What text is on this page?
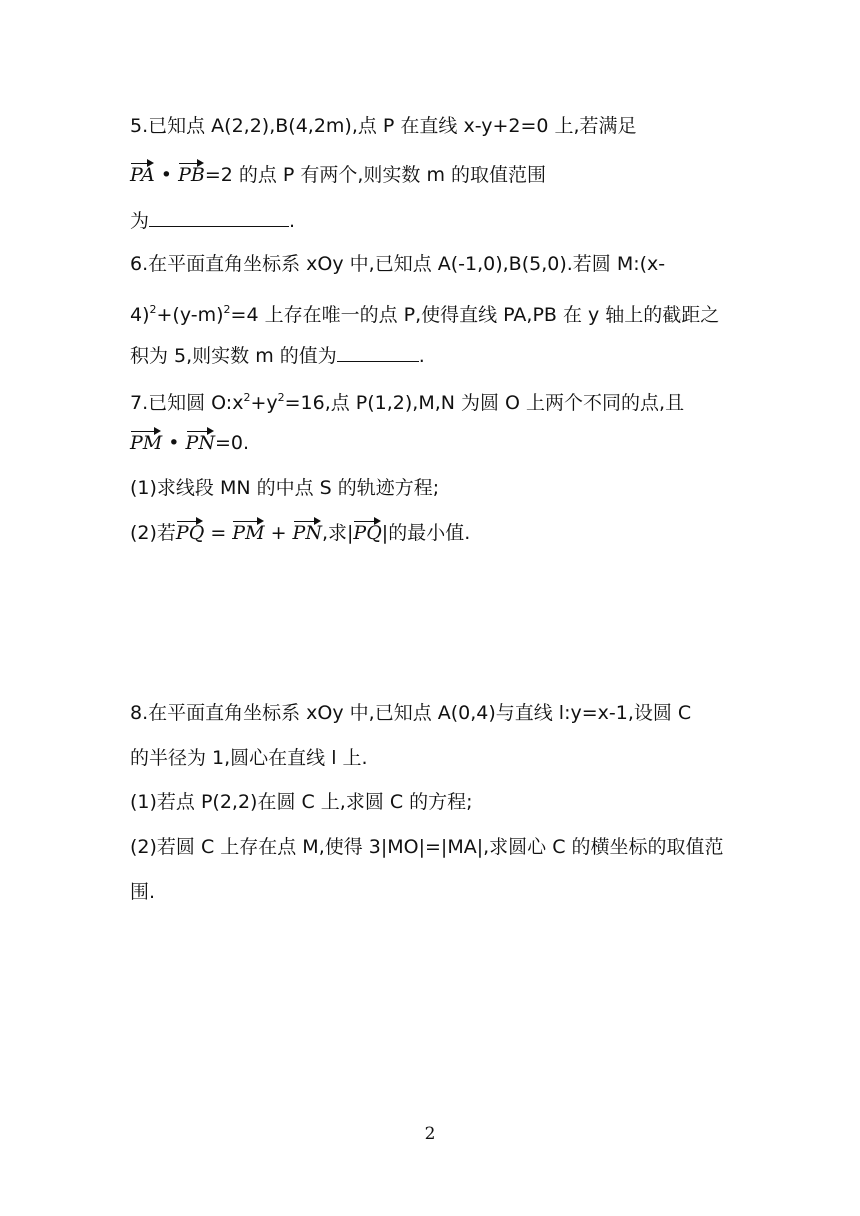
5.已知点 A(2,2),B(4,2m),点 P 在直线 x-y+2=0 上,若满足
PA • PB=2 的点 P 有两个,则实数 m 的取值范围
为	.
6.在平面直角坐标系 xOy 中,已知点 A(-1,0),B(5,0).若圆 M:(x-
$4)^2+(y-m)^2=4$ 上存在唯一的点 P,使得直线 PA,PB 在 y 轴上的截距之
积为 5,则实数 m 的值为	.
7.已知圆 $O:x^2+y^2=16$,点 P(1,2),M,N 为圆 O 上两个不同的点,且
PM • PN=0.
(1)求线段 MN 的中点 S 的轨迹方程;
(2)若PQ = PM + PN,求|PQ|的最小值.
8.在平面直角坐标系 xOy 中,已知点 A(0,4)与直线 l:y=x-1,设圆 C
的半径为 1,圆心在直线 l 上.
(1)若点 P(2,2)在圆 C 上,求圆 C 的方程;
(2)若圆 C 上存在点 M,使得 3|MO|=|MA|,求圆心 C 的横坐标的取值范
围.
2
